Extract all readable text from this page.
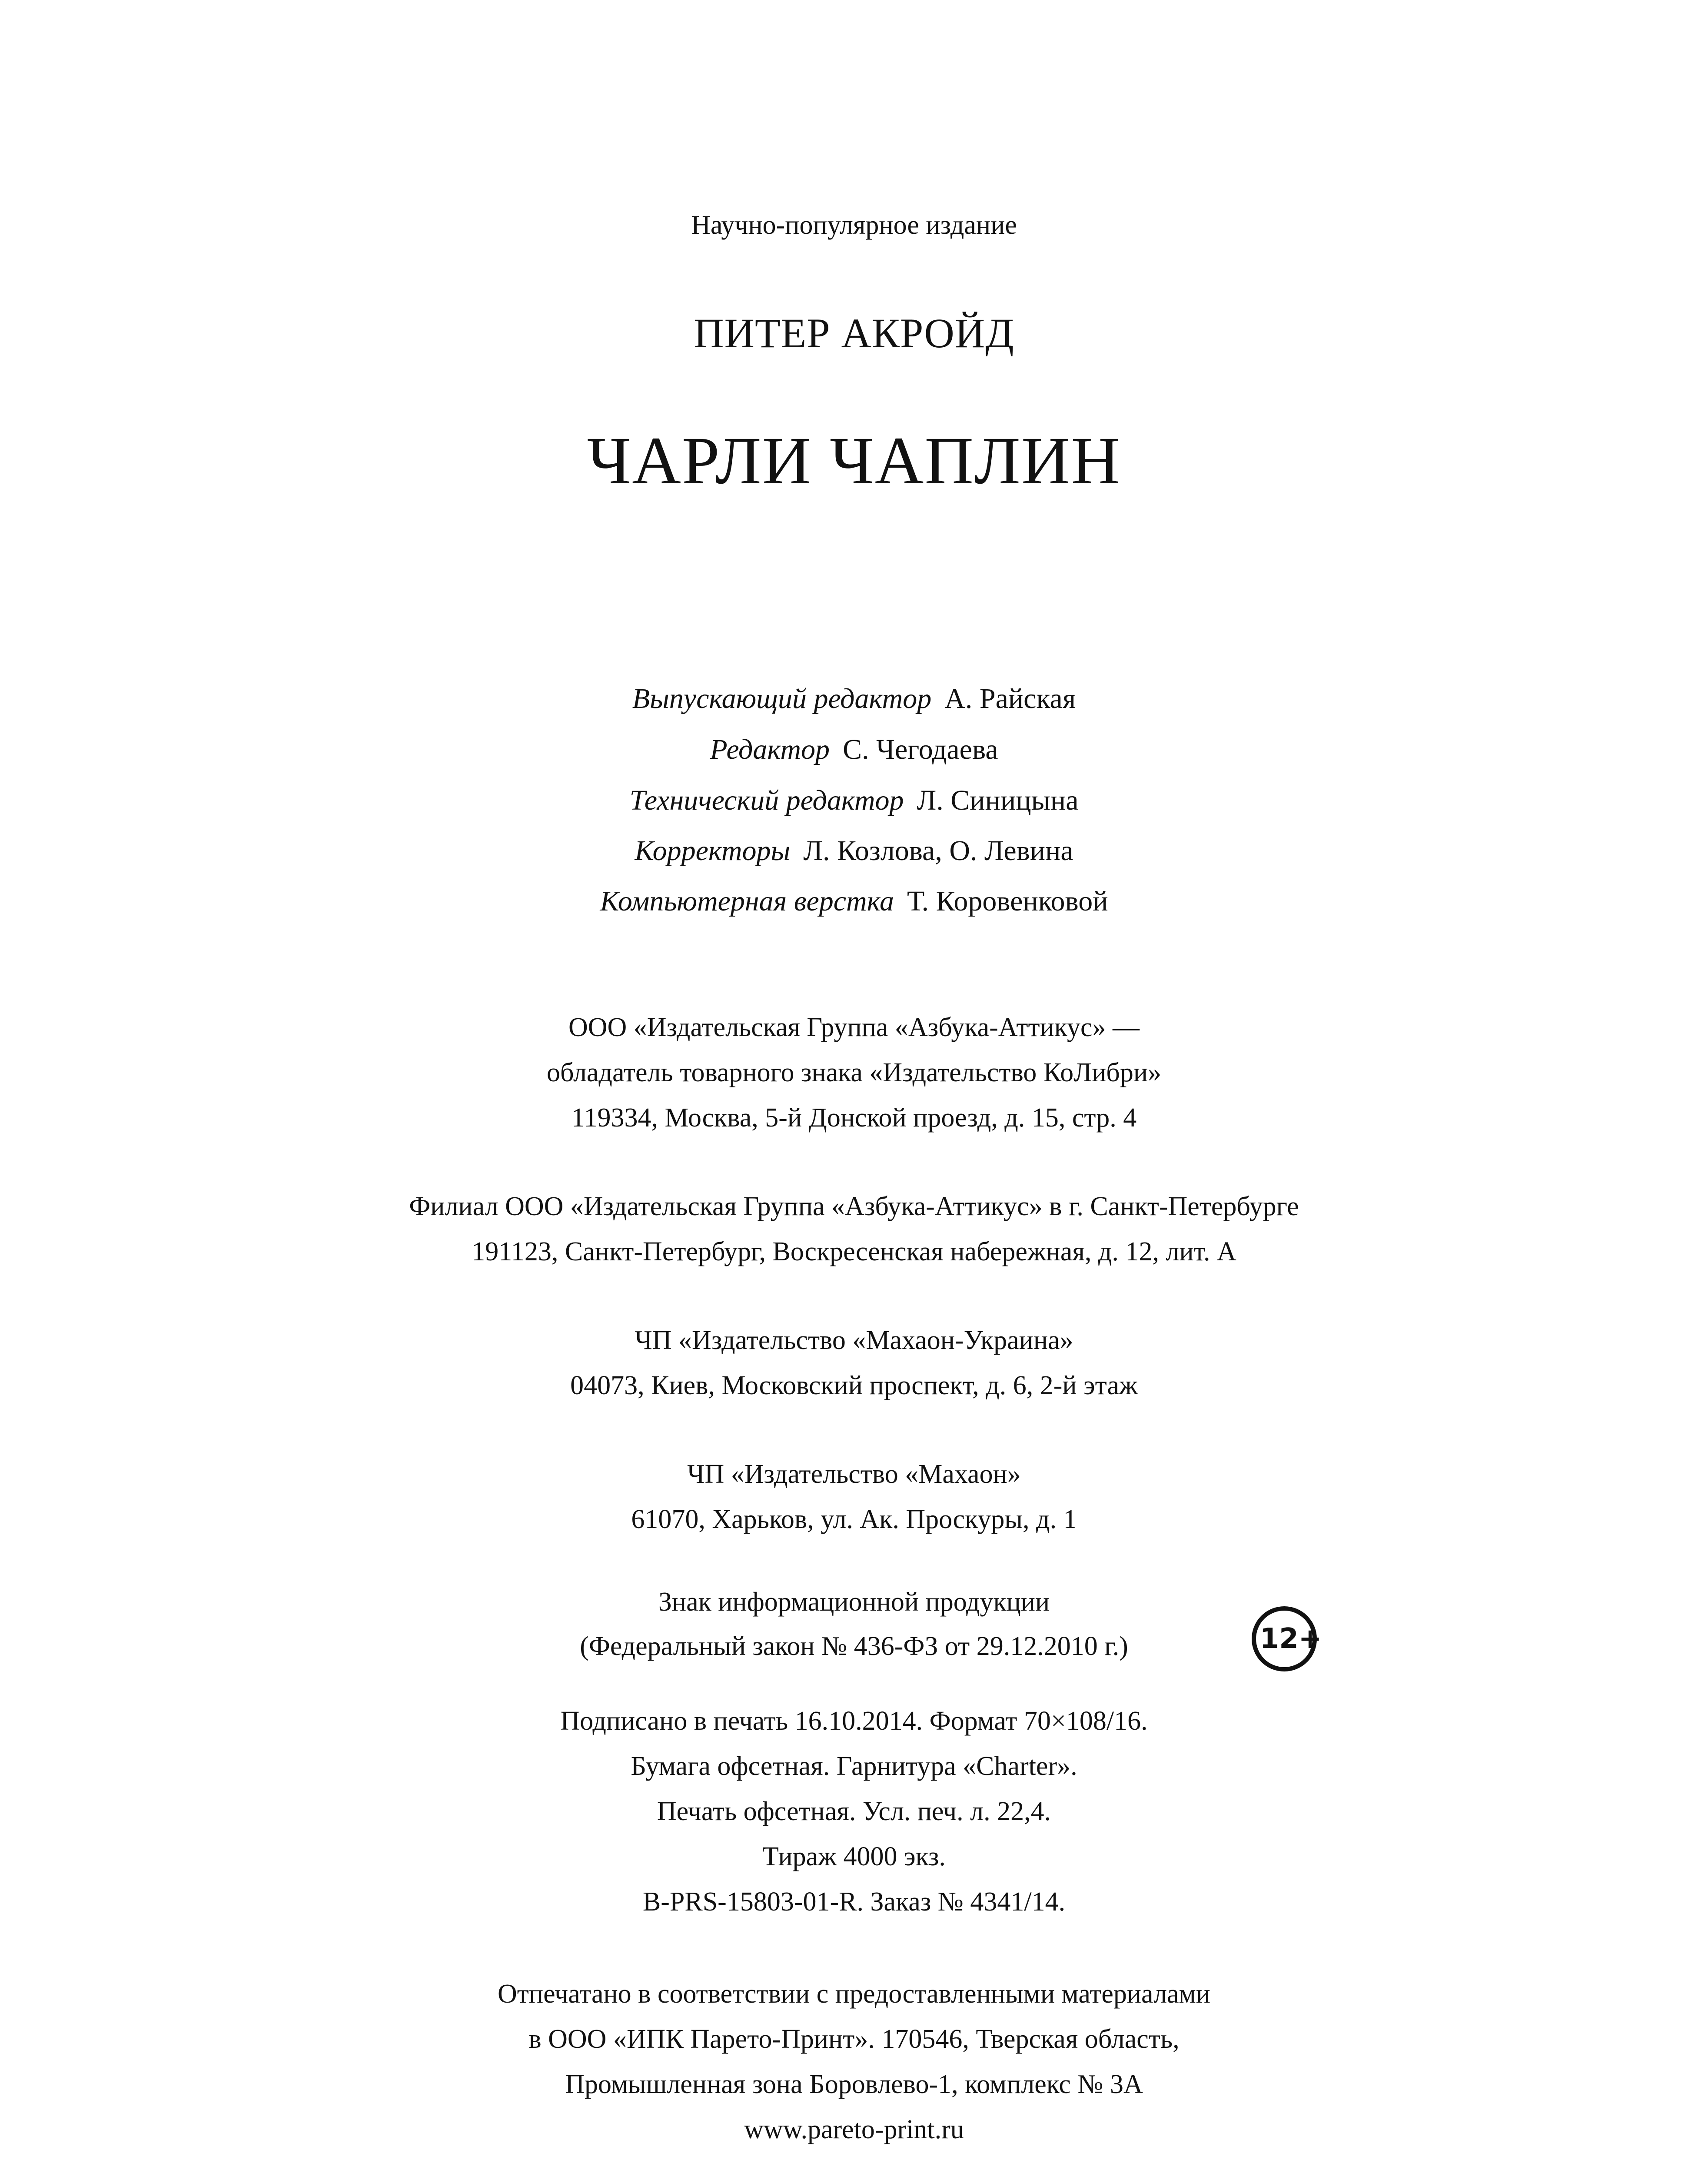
Научно-популярное издание
ПИТЕР АКРОЙД
ЧАРЛИ ЧАПЛИН
Выпускающий редактор А. Райская
Редактор С. Чегодаева
Технический редактор Л. Синицына
Корректоры Л. Козлова, О. Левина
Компьютерная верстка Т. Коровенковой
ООО «Издательская Группа «Азбука-Аттикус» —
обладатель товарного знака «Издательство КоЛибри»
119334, Москва, 5-й Донской проезд, д. 15, стр. 4
Филиал ООО «Издательская Группа «Азбука-Аттикус» в г. Санкт-Петербурге
191123, Санкт-Петербург, Воскресенская набережная, д. 12, лит. А
ЧП «Издательство «Махаон-Украина»
04073, Киев, Московский проспект, д. 6, 2-й этаж
ЧП «Издательство «Махаон»
61070, Харьков, ул. Ак. Проскуры, д. 1
Знак информационной продукции
(Федеральный закон № 436-ФЗ от 29.12.2010 г.)	12+
Подписано в печать 16.10.2014. Формат 70×108/16.
Бумага офсетная. Гарнитура «Charter».
Печать офсетная. Усл. печ. л. 22,4.
Тираж 4000 экз.
В-PRS-15803-01-R. Заказ № 4341/14.
Отпечатано в соответствии с предоставленными материалами
в ООО «ИПК Парето-Принт». 170546, Тверская область,
Промышленная зона Боровлево-1, комплекс № 3А
www.pareto-print.ru
